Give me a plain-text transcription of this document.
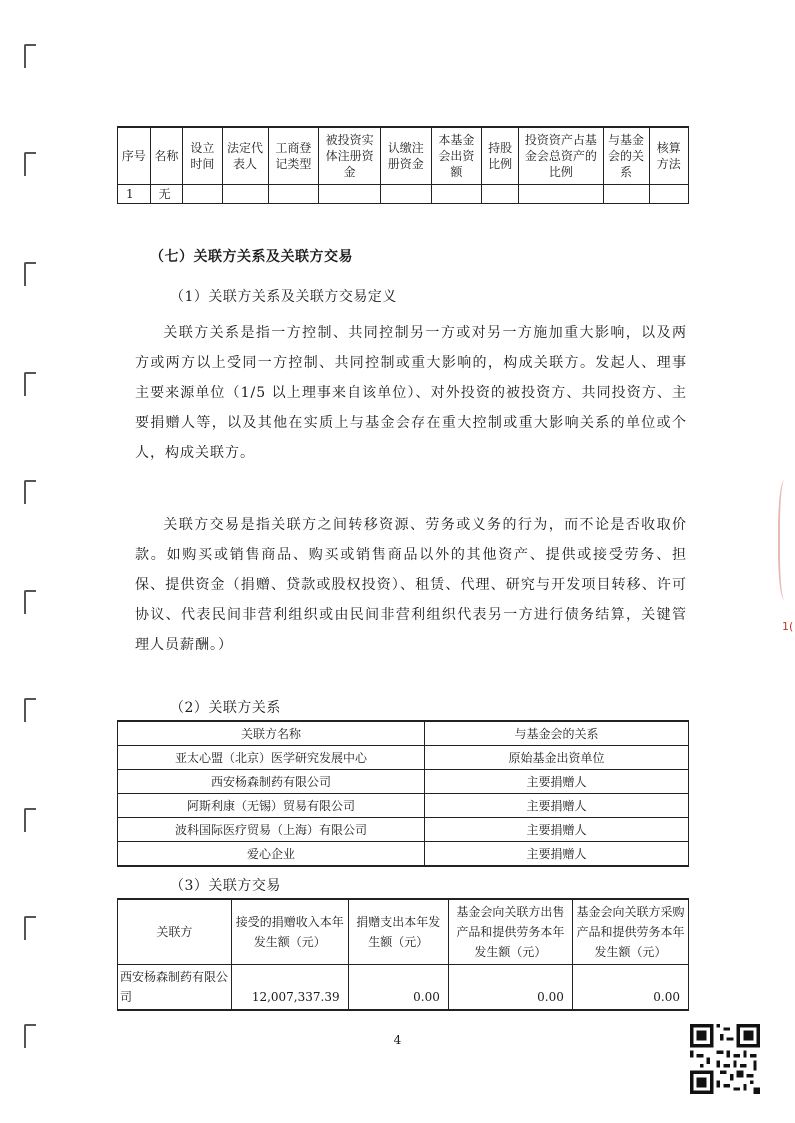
序号	名称	设立时间	法定代表人	工商登记类型	被投资实体注册资金	认缴注册资金	本基金会出资额	持股比例	投资资产占基金会总资产的比例	与基金会的关系	核算方法
1	无										
（七）关联方关系及关联方交易
（1）关联方关系及关联方交易定义
关联方关系是指一方控制、共同控制另一方或对另一方施加重大影响，以及两方或两方以上受同一方控制、共同控制或重大影响的，构成关联方。发起人、理事主要来源单位（1/5 以上理事来自该单位）、对外投资的被投资方、共同投资方、主要捐赠人等，以及其他在实质上与基金会存在重大控制或重大影响关系的单位或个人，构成关联方。
关联方交易是指关联方之间转移资源、劳务或义务的行为，而不论是否收取价款。如购买或销售商品、购买或销售商品以外的其他资产、提供或接受劳务、担保、提供资金（捐赠、贷款或股权投资）、租赁、代理、研究与开发项目转移、许可协议、代表民间非营利组织或由民间非营利组织代表另一方进行债务结算，关键管理人员薪酬。）
（2）关联方关系
关联方名称	与基金会的关系
亚太心盟（北京）医学研究发展中心	原始基金出资单位
西安杨森制药有限公司	主要捐赠人
阿斯利康（无锡）贸易有限公司	主要捐赠人
波科国际医疗贸易（上海）有限公司	主要捐赠人
爱心企业	主要捐赠人
（3）关联方交易
关联方	接受的捐赠收入本年发生额（元）	捐赠支出本年发生额（元）	基金会向关联方出售产品和提供劳务本年发生额（元）	基金会向关联方采购产品和提供劳务本年发生额（元）
西安杨森制药有限公司	12,007,337.39	0.00	0.00	0.00
4
1(
